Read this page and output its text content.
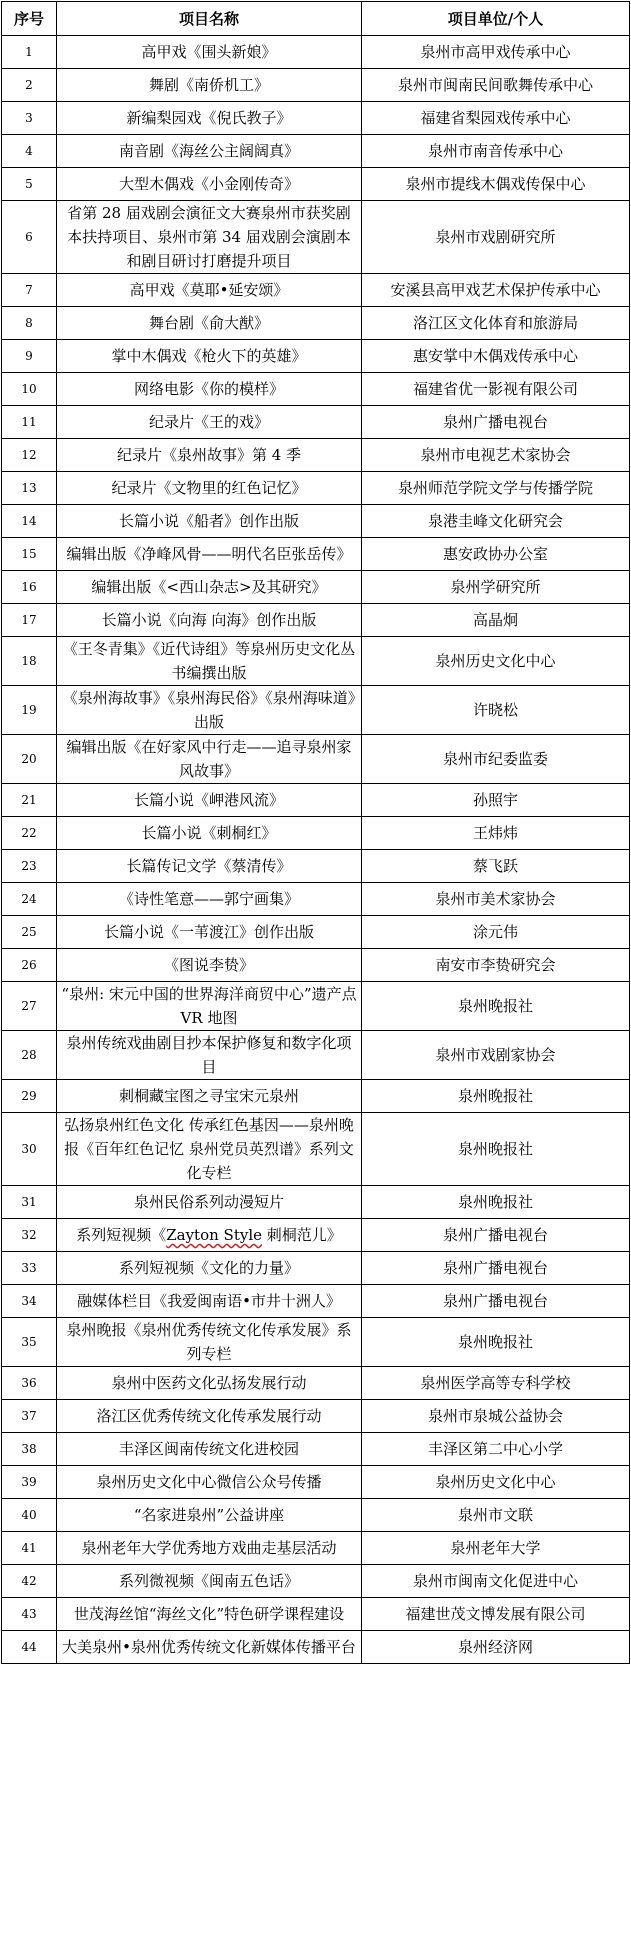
序号	项目名称	项目单位/个人
1	高甲戏《围头新娘》	泉州市高甲戏传承中心
2	舞剧《南侨机工》	泉州市闽南民间歌舞传承中心
3	新编梨园戏《倪氏教子》	福建省梨园戏传承中心
4	南音剧《海丝公主阔阔真》	泉州市南音传承中心
5	大型木偶戏《小金刚传奇》	泉州市提线木偶戏传保中心
6	省第 28 届戏剧会演征文大赛泉州市获奖剧本扶持项目、泉州市第 34 届戏剧会演剧本和剧目研讨打磨提升项目	泉州市戏剧研究所
7	高甲戏《莫耶•延安颂》	安溪县高甲戏艺术保护传承中心
8	舞台剧《俞大猷》	洛江区文化体育和旅游局
9	掌中木偶戏《枪火下的英雄》	惠安掌中木偶戏传承中心
10	网络电影《你的模样》	福建省优一影视有限公司
11	纪录片《王的戏》	泉州广播电视台
12	纪录片《泉州故事》第 4 季	泉州市电视艺术家协会
13	纪录片《文物里的红色记忆》	泉州师范学院文学与传播学院
14	长篇小说《船者》创作出版	泉港圭峰文化研究会
15	编辑出版《净峰风骨——明代名臣张岳传》	惠安政协办公室
16	编辑出版《<西山杂志>及其研究》	泉州学研究所
17	长篇小说《向海 向海》创作出版	高晶炯
18	《王冬青集》《近代诗组》等泉州历史文化丛书编撰出版	泉州历史文化中心
19	《泉州海故事》《泉州海民俗》《泉州海味道》出版	许晓松
20	编辑出版《在好家风中行走——追寻泉州家风故事》	泉州市纪委监委
21	长篇小说《岬港风流》	孙照宇
22	长篇小说《刺桐红》	王炜炜
23	长篇传记文学《蔡清传》	蔡飞跃
24	《诗性笔意——郭宁画集》	泉州市美术家协会
25	长篇小说《一苇渡江》创作出版	涂元伟
26	《图说李贽》	南安市李贽研究会
27	“泉州: 宋元中国的世界海洋商贸中心”遗产点 VR 地图	泉州晚报社
28	泉州传统戏曲剧目抄本保护修复和数字化项目	泉州市戏剧家协会
29	刺桐藏宝图之寻宝宋元泉州	泉州晚报社
30	弘扬泉州红色文化 传承红色基因——泉州晚报《百年红色记忆 泉州党员英烈谱》系列文化专栏	泉州晚报社
31	泉州民俗系列动漫短片	泉州晚报社
32	系列短视频《Zayton Style 刺桐范儿》	泉州广播电视台
33	系列短视频《文化的力量》	泉州广播电视台
34	融媒体栏目《我爱闽南语•市井十洲人》	泉州广播电视台
35	泉州晚报《泉州优秀传统文化传承发展》系列专栏	泉州晚报社
36	泉州中医药文化弘扬发展行动	泉州医学高等专科学校
37	洛江区优秀传统文化传承发展行动	泉州市泉城公益协会
38	丰泽区闽南传统文化进校园	丰泽区第二中心小学
39	泉州历史文化中心微信公众号传播	泉州历史文化中心
40	“名家进泉州”公益讲座	泉州市文联
41	泉州老年大学优秀地方戏曲走基层活动	泉州老年大学
42	系列微视频《闽南五色话》	泉州市闽南文化促进中心
43	世茂海丝馆“海丝文化”特色研学课程建设	福建世茂文博发展有限公司
44	大美泉州•泉州优秀传统文化新媒体传播平台	泉州经济网
